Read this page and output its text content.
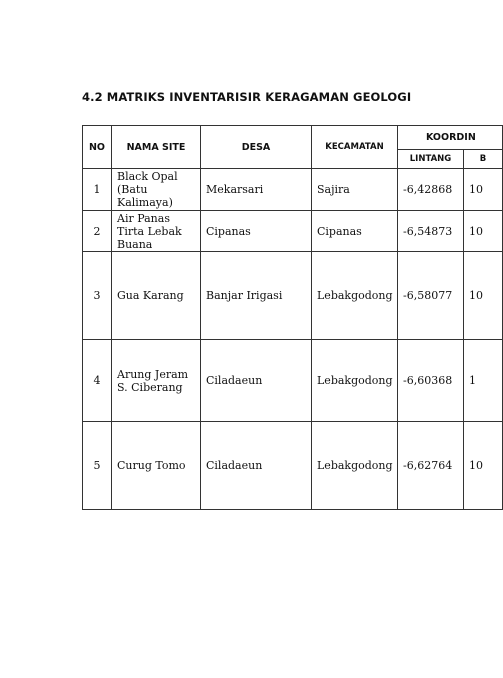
4.2 MATRIKS INVENTARISIR KERAGAMAN GEOLOGI
NO	NAMA SITE	DESA	KECAMATAN	KOORDIN	
				LINTANG	B
1	Black Opal (Batu Kalimaya)	Mekarsari	Sajira	-6,42868	10
2	Air Panas Tirta Lebak Buana	Cipanas	Cipanas	-6,54873	10
3	Gua Karang	Banjar Irigasi	Lebakgodong	-6,58077	10
4	Arung Jeram S. Ciberang	Ciladaeun	Lebakgodong	-6,60368	1
5	Curug Tomo	Ciladaeun	Lebakgodong	-6,62764	10
